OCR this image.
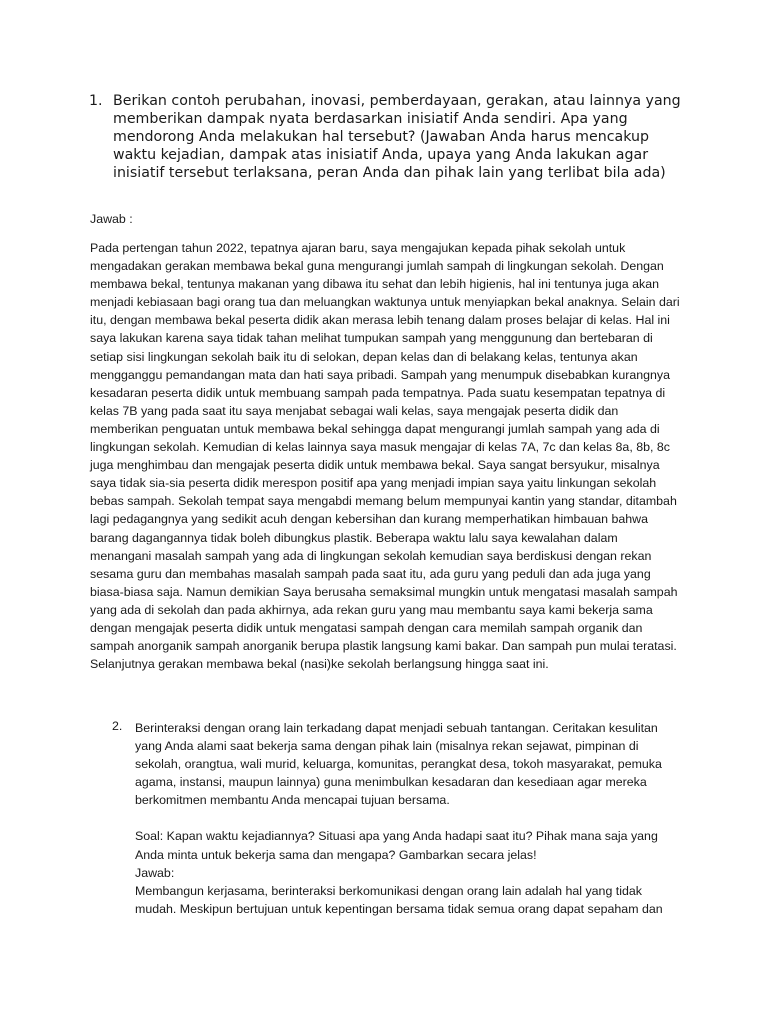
1. Berikan contoh perubahan, inovasi, pemberdayaan, gerakan, atau lainnya yang memberikan dampak nyata berdasarkan inisiatif Anda sendiri. Apa yang mendorong Anda melakukan hal tersebut? (Jawaban Anda harus mencakup waktu kejadian, dampak atas inisiatif Anda, upaya yang Anda lakukan agar inisiatif tersebut terlaksana, peran Anda dan pihak lain yang terlibat bila ada)

Jawab :

Pada pertengan tahun 2022, tepatnya ajaran baru, saya mengajukan kepada pihak sekolah untuk mengadakan gerakan membawa bekal guna mengurangi jumlah sampah di lingkungan sekolah. Dengan membawa bekal, tentunya makanan yang dibawa itu sehat dan lebih higienis, hal ini tentunya juga akan menjadi kebiasaan bagi orang tua dan meluangkan waktunya untuk menyiapkan bekal anaknya. Selain dari itu, dengan membawa bekal peserta didik akan merasa lebih tenang dalam proses belajar di kelas. Hal ini saya lakukan karena saya tidak tahan melihat tumpukan sampah yang menggunung dan bertebaran di setiap sisi lingkungan sekolah baik itu di selokan, depan kelas dan di belakang kelas, tentunya akan mengganggu pemandangan mata dan hati saya pribadi. Sampah yang menumpuk disebabkan kurangnya kesadaran peserta didik untuk membuang sampah pada tempatnya. Pada suatu kesempatan tepatnya di kelas 7B yang pada saat itu saya menjabat sebagai wali kelas, saya mengajak peserta didik dan memberikan penguatan untuk membawa bekal sehingga dapat mengurangi jumlah sampah yang ada di lingkungan sekolah. Kemudian di kelas lainnya saya masuk mengajar di kelas 7A, 7c dan kelas 8a, 8b, 8c juga menghimbau dan mengajak peserta didik untuk membawa bekal. Saya sangat bersyukur, misalnya saya tidak sia-sia peserta didik merespon positif apa yang menjadi impian saya yaitu linkungan sekolah bebas sampah. Sekolah tempat saya mengabdi memang belum mempunyai kantin yang standar, ditambah lagi pedagangnya yang sedikit acuh dengan kebersihan dan kurang memperhatikan himbauan bahwa barang dagangannya tidak boleh dibungkus plastik. Beberapa waktu lalu saya kewalahan dalam menangani masalah sampah yang ada di lingkungan sekolah kemudian saya berdiskusi dengan rekan sesama guru dan membahas masalah sampah pada saat itu, ada guru yang peduli dan ada juga yang biasa-biasa saja. Namun demikian Saya berusaha semaksimal mungkin untuk mengatasi masalah sampah yang ada di sekolah dan pada akhirnya, ada rekan guru yang mau membantu saya kami bekerja sama dengan mengajak peserta didik untuk mengatasi sampah dengan cara memilah sampah organik dan sampah anorganik sampah anorganik berupa plastik langsung kami bakar. Dan sampah pun mulai teratasi. Selanjutnya gerakan membawa bekal (nasi)ke sekolah berlangsung hingga saat ini.

2. Berinteraksi dengan orang lain terkadang dapat menjadi sebuah tantangan. Ceritakan kesulitan yang Anda alami saat bekerja sama dengan pihak lain (misalnya rekan sejawat, pimpinan di sekolah, orangtua, wali murid, keluarga, komunitas, perangkat desa, tokoh masyarakat, pemuka agama, instansi, maupun lainnya) guna menimbulkan kesadaran dan kesediaan agar mereka berkomitmen membantu Anda mencapai tujuan bersama.

Soal: Kapan waktu kejadiannya? Situasi apa yang Anda hadapi saat itu? Pihak mana saja yang Anda minta untuk bekerja sama dan mengapa? Gambarkan secara jelas!

Jawab:

Membangun kerjasama, berinteraksi berkomunikasi dengan orang lain adalah hal yang tidak mudah. Meskipun bertujuan untuk kepentingan bersama tidak semua orang dapat sepaham dan
